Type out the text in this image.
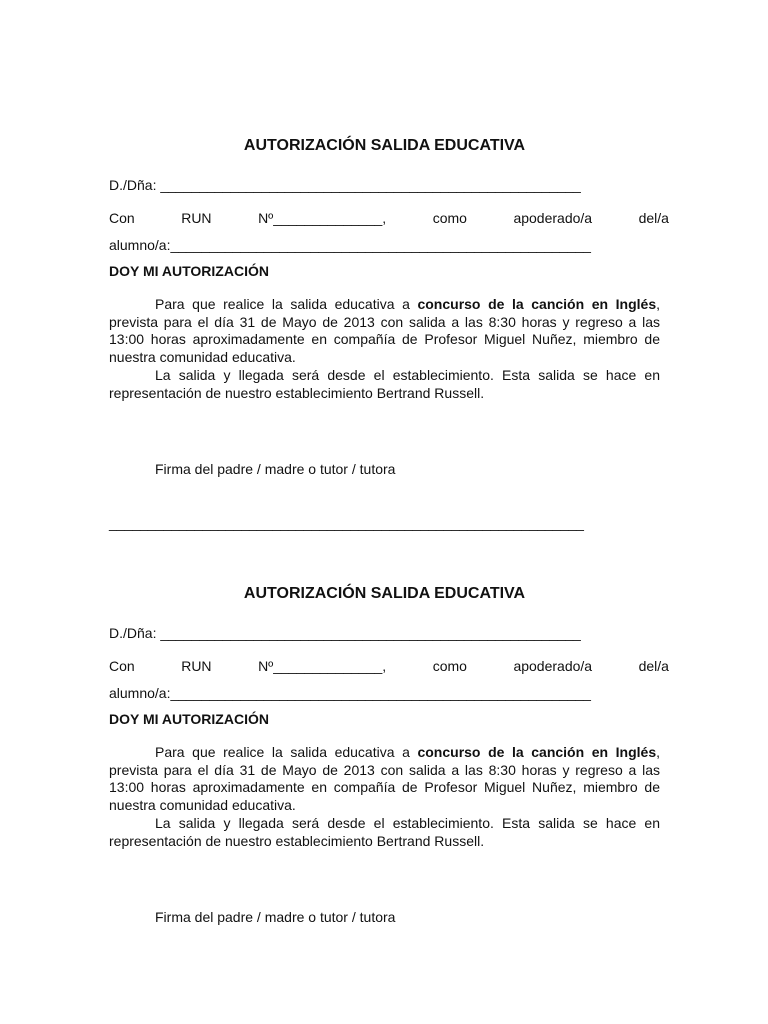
AUTORIZACIÓN SALIDA EDUCATIVA
D./Dña: ______________________________________________________
Con	RUN	Nº______________,	como	apoderado/a	del/a
alumno/a:______________________________________________________
DOY MI AUTORIZACIÓN
Para que realice la salida educativa a concurso de la canción en Inglés, prevista para el día 31 de Mayo de 2013 con salida a las 8:30 horas y regreso a las 13:00 horas aproximadamente en compañía de Profesor Miguel Nuñez, miembro de nuestra comunidad educativa.
La salida y llegada será desde el establecimiento. Esta salida se hace en representación de nuestro establecimiento Bertrand Russell.
Firma del padre / madre o tutor / tutora
_____________________________________________________________
AUTORIZACIÓN SALIDA EDUCATIVA
D./Dña: ______________________________________________________
Con	RUN	Nº______________,	como	apoderado/a	del/a
alumno/a:______________________________________________________
DOY MI AUTORIZACIÓN
Para que realice la salida educativa a concurso de la canción en Inglés, prevista para el día 31 de Mayo de 2013 con salida a las 8:30 horas y regreso a las 13:00 horas aproximadamente en compañía de Profesor Miguel Nuñez, miembro de nuestra comunidad educativa.
La salida y llegada será desde el establecimiento. Esta salida se hace en representación de nuestro establecimiento Bertrand Russell.
Firma del padre / madre o tutor / tutora
